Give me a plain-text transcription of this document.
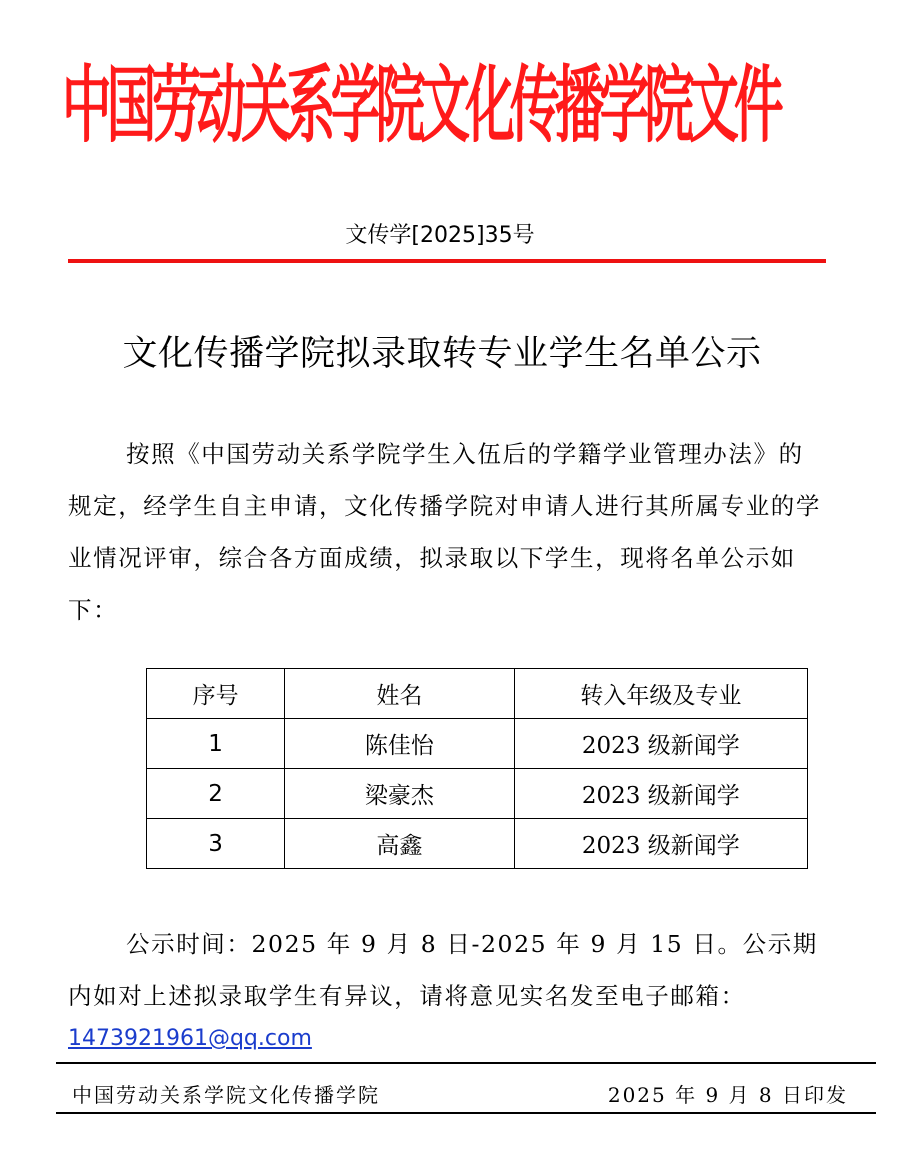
中国劳动关系学院文化传播学院文件
文传学[2025]35号
文化传播学院拟录取转专业学生名单公示
按照《中国劳动关系学院学生入伍后的学籍学业管理办法》的规定，经学生自主申请，文化传播学院对申请人进行其所属专业的学业情况评审，综合各方面成绩，拟录取以下学生，现将名单公示如下：
序号	姓名	转入年级及专业
1	陈佳怡	2023 级新闻学
2	梁豪杰	2023 级新闻学
3	高鑫	2023 级新闻学
公示时间：2025 年 9 月 8 日-2025 年 9 月 15 日。公示期内如对上述拟录取学生有异议，请将意见实名发至电子邮箱：
1473921961@qq.com
中国劳动关系学院文化传播学院	2025 年 9 月 8 日印发
